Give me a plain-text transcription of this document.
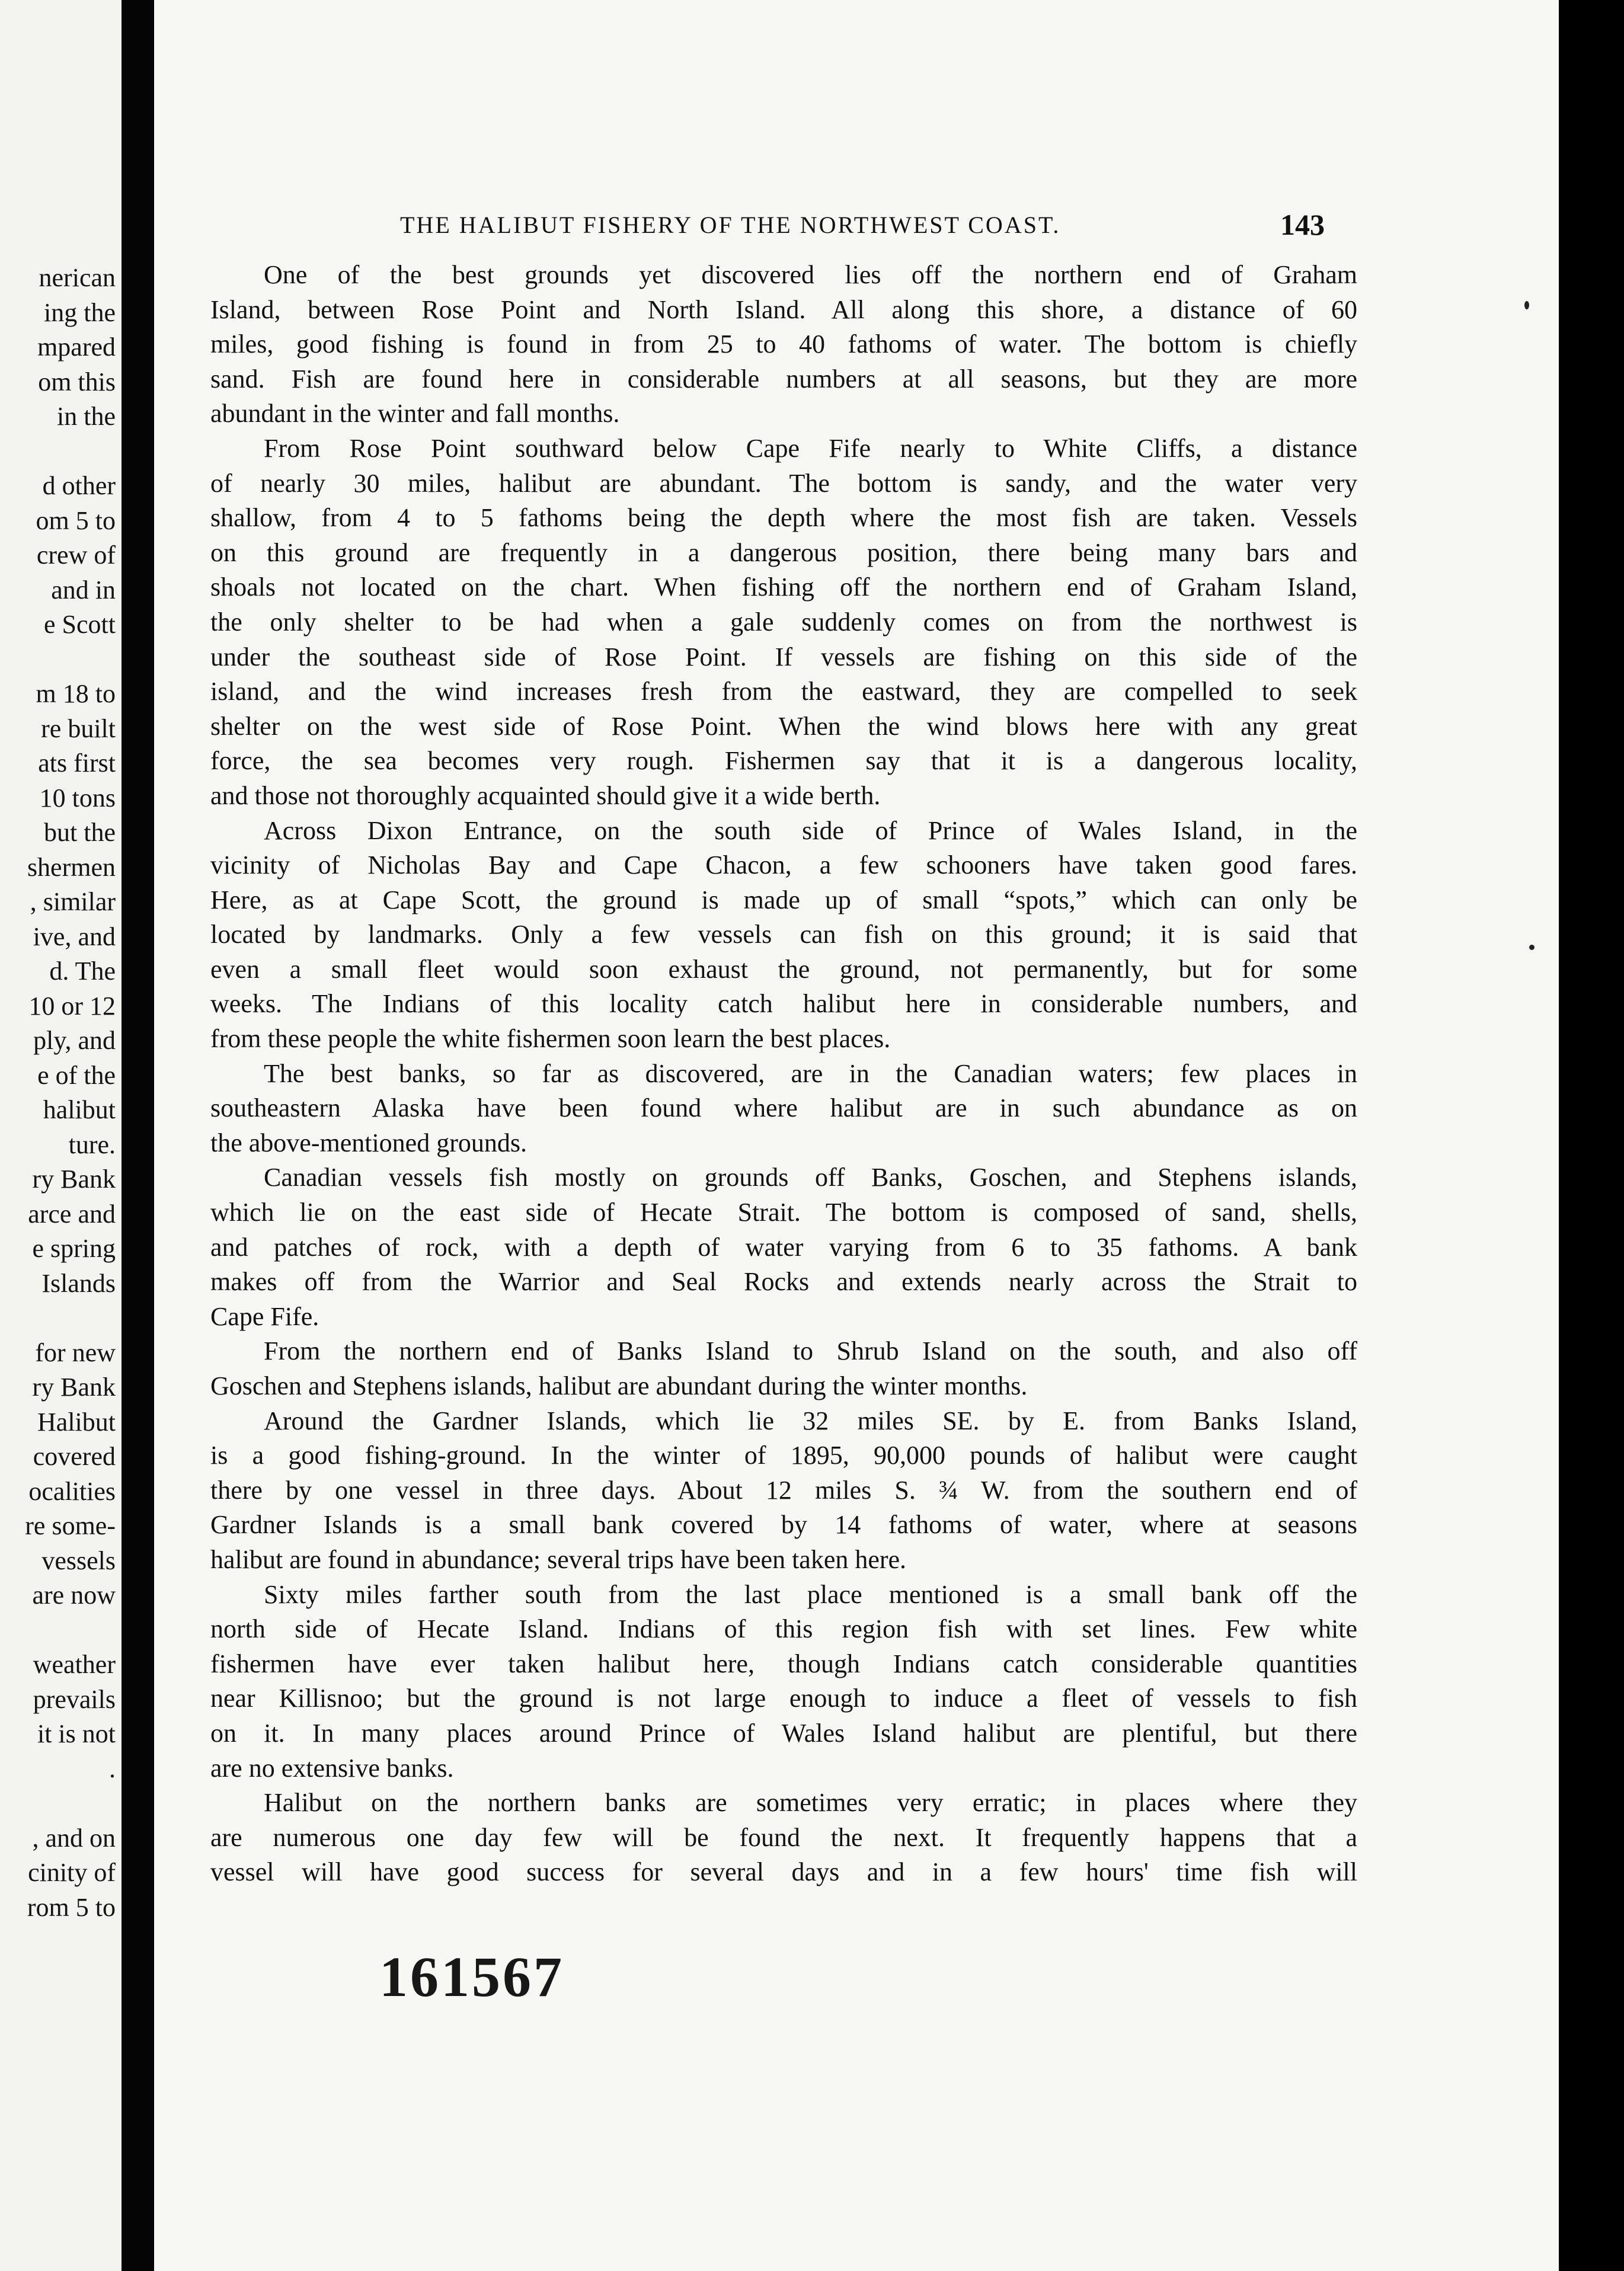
nerican
ing the
mpared
om this
in the

d other
om 5 to
crew of
and in
e Scott

m 18 to
re built
ats first
10 tons
but the
shermen
, similar
ive, and
d. The
10 or 12
ply, and
e of the
halibut
ture.
ry Bank
arce and
e spring
Islands

for new
ry Bank
Halibut
covered
ocalities
re some-
vessels
are now

weather
prevails
it is not
.

, and on
cinity of
rom 5 to
THE HALIBUT FISHERY OF THE NORTHWEST COAST.	143
One of the best grounds yet discovered lies off the northern end of Graham
Island, between Rose Point and North Island. All along this shore, a distance of 60
miles, good fishing is found in from 25 to 40 fathoms of water. The bottom is chiefly
sand. Fish are found here in considerable numbers at all seasons, but they are more
abundant in the winter and fall months.
From Rose Point southward below Cape Fife nearly to White Cliffs, a distance
of nearly 30 miles, halibut are abundant. The bottom is sandy, and the water very
shallow, from 4 to 5 fathoms being the depth where the most fish are taken. Vessels
on this ground are frequently in a dangerous position, there being many bars and
shoals not located on the chart. When fishing off the northern end of Graham Island,
the only shelter to be had when a gale suddenly comes on from the northwest is
under the southeast side of Rose Point. If vessels are fishing on this side of the
island, and the wind increases fresh from the eastward, they are compelled to seek
shelter on the west side of Rose Point. When the wind blows here with any great
force, the sea becomes very rough. Fishermen say that it is a dangerous locality,
and those not thoroughly acquainted should give it a wide berth.
Across Dixon Entrance, on the south side of Prince of Wales Island, in the
vicinity of Nicholas Bay and Cape Chacon, a few schooners have taken good fares.
Here, as at Cape Scott, the ground is made up of small “spots,” which can only be
located by landmarks. Only a few vessels can fish on this ground; it is said that
even a small fleet would soon exhaust the ground, not permanently, but for some
weeks. The Indians of this locality catch halibut here in considerable numbers, and
from these people the white fishermen soon learn the best places.
The best banks, so far as discovered, are in the Canadian waters; few places in
southeastern Alaska have been found where halibut are in such abundance as on
the above-mentioned grounds.
Canadian vessels fish mostly on grounds off Banks, Goschen, and Stephens islands,
which lie on the east side of Hecate Strait. The bottom is composed of sand, shells,
and patches of rock, with a depth of water varying from 6 to 35 fathoms. A bank
makes off from the Warrior and Seal Rocks and extends nearly across the Strait to
Cape Fife.
From the northern end of Banks Island to Shrub Island on the south, and also off
Goschen and Stephens islands, halibut are abundant during the winter months.
Around the Gardner Islands, which lie 32 miles SE. by E. from Banks Island,
is a good fishing-ground. In the winter of 1895, 90,000 pounds of halibut were caught
there by one vessel in three days. About 12 miles S. ¾ W. from the southern end of
Gardner Islands is a small bank covered by 14 fathoms of water, where at seasons
halibut are found in abundance; several trips have been taken here.
Sixty miles farther south from the last place mentioned is a small bank off the
north side of Hecate Island. Indians of this region fish with set lines. Few white
fishermen have ever taken halibut here, though Indians catch considerable quantities
near Killisnoo; but the ground is not large enough to induce a fleet of vessels to fish
on it. In many places around Prince of Wales Island halibut are plentiful, but there
are no extensive banks.
Halibut on the northern banks are sometimes very erratic; in places where they
are numerous one day few will be found the next. It frequently happens that a
vessel will have good success for several days and in a few hours' time fish will
161567
